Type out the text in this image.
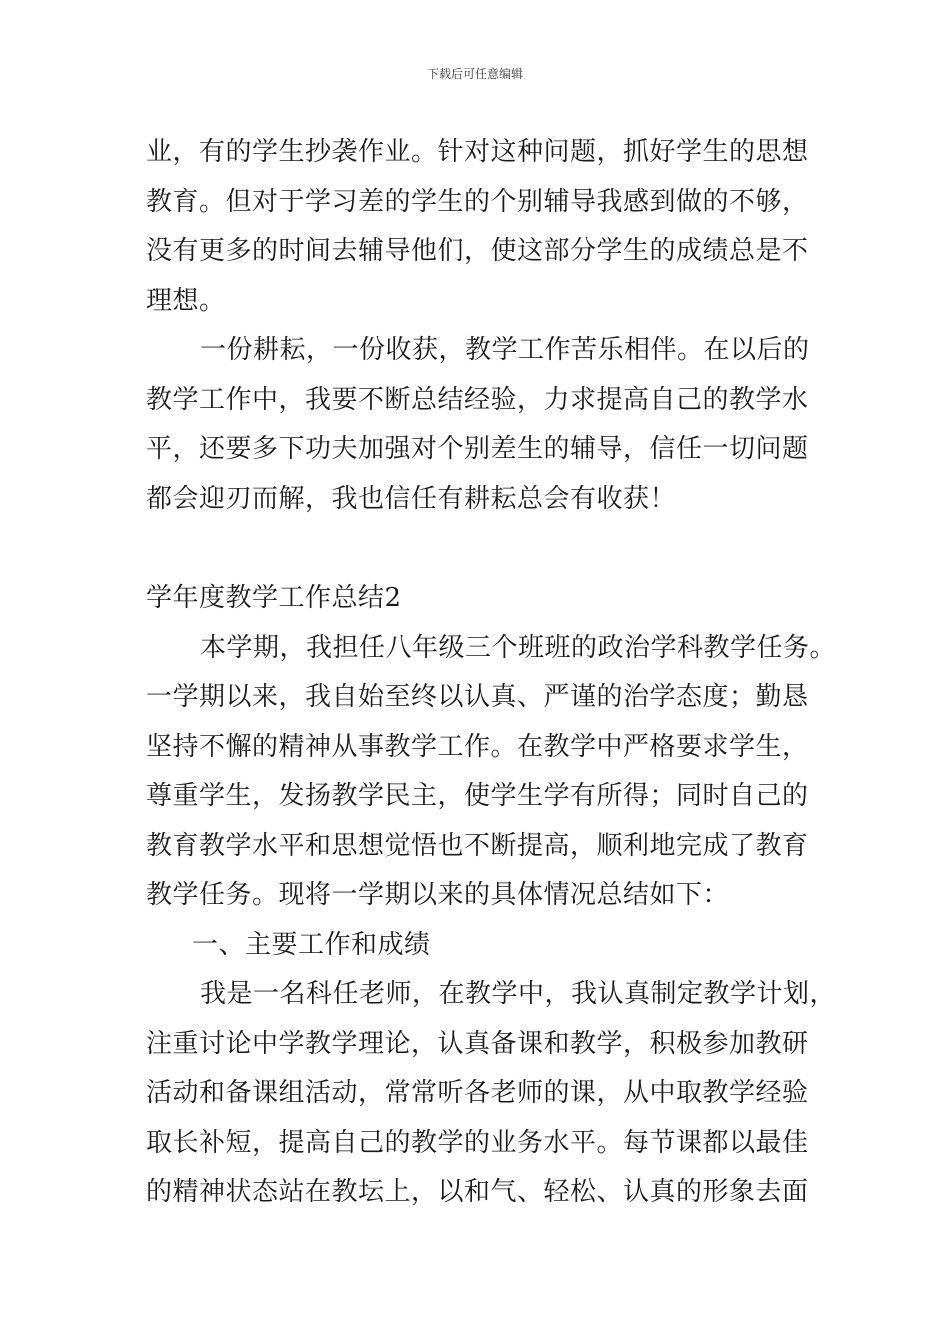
下载后可任意编辑
业，有的学生抄袭作业。针对这种问题，抓好学生的思想
教育。但对于学习差的学生的个别辅导我感到做的不够，
没有更多的时间去辅导他们，使这部分学生的成绩总是不
理想。
一份耕耘，一份收获，教学工作苦乐相伴。在以后的
教学工作中，我要不断总结经验，力求提高自己的教学水
平，还要多下功夫加强对个别差生的辅导，信任一切问题
都会迎刃而解，我也信任有耕耘总会有收获！
学年度教学工作总结2
本学期，我担任八年级三个班班的政治学科教学任务。
一学期以来，我自始至终以认真、严谨的治学态度；勤恳
坚持不懈的精神从事教学工作。在教学中严格要求学生，
尊重学生，发扬教学民主，使学生学有所得；同时自己的
教育教学水平和思想觉悟也不断提高，顺利地完成了教育
教学任务。现将一学期以来的具体情况总结如下：
一、主要工作和成绩
我是一名科任老师，在教学中，我认真制定教学计划，
注重讨论中学教学理论，认真备课和教学，积极参加教研
活动和备课组活动，常常听各老师的课，从中取教学经验
取长补短，提高自己的教学的业务水平。每节课都以最佳
的精神状态站在教坛上，以和气、轻松、认真的形象去面
